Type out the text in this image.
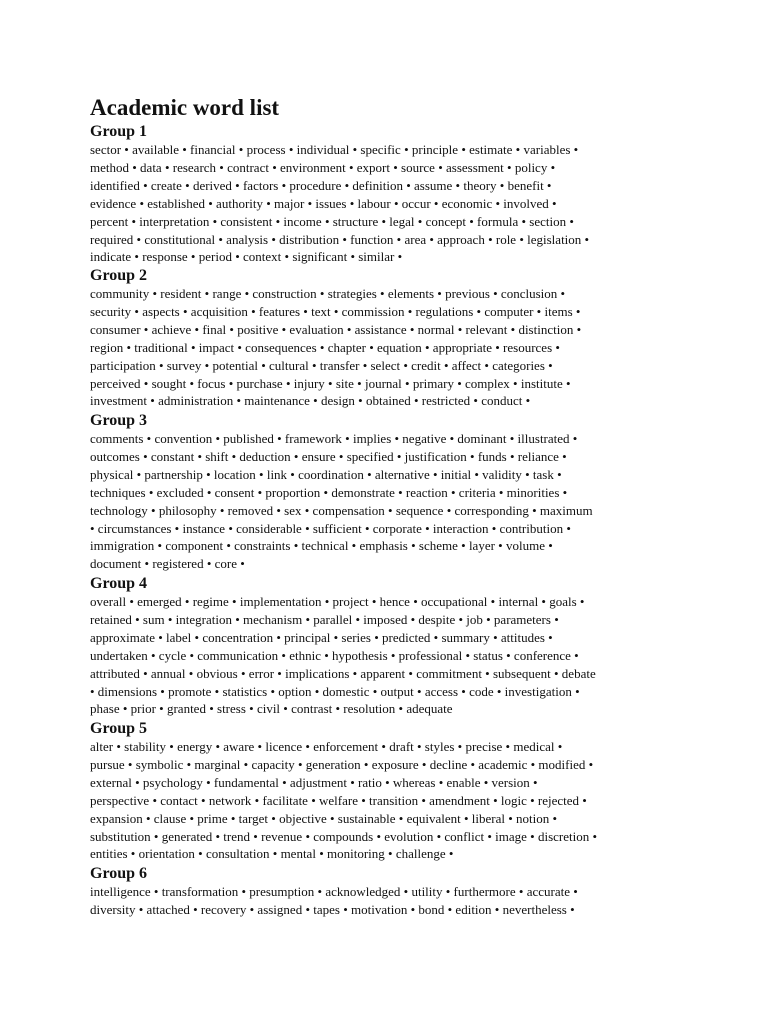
Academic word list
Group 1
sector • available • financial • process • individual • specific • principle • estimate • variables •
method • data • research • contract • environment • export • source • assessment • policy •
identified • create • derived • factors • procedure • definition • assume • theory • benefit •
evidence • established • authority • major • issues • labour • occur • economic • involved •
percent • interpretation • consistent • income • structure • legal • concept • formula • section •
required • constitutional • analysis • distribution • function • area • approach • role • legislation •
indicate • response • period • context • significant • similar •
Group 2
community • resident • range • construction • strategies • elements • previous • conclusion •
security • aspects • acquisition • features • text • commission • regulations • computer • items •
consumer • achieve • final • positive • evaluation • assistance • normal • relevant • distinction •
region • traditional • impact • consequences • chapter • equation • appropriate • resources •
participation • survey • potential • cultural • transfer • select • credit • affect • categories •
perceived • sought • focus • purchase • injury • site • journal • primary • complex • institute •
investment • administration • maintenance • design • obtained • restricted • conduct •
Group 3
comments • convention • published • framework • implies • negative • dominant • illustrated •
outcomes • constant • shift • deduction • ensure • specified • justification • funds • reliance •
physical • partnership • location • link • coordination • alternative • initial • validity • task •
techniques • excluded • consent • proportion • demonstrate • reaction • criteria • minorities •
technology • philosophy • removed • sex • compensation • sequence • corresponding • maximum
• circumstances • instance • considerable • sufficient • corporate • interaction • contribution •
immigration • component • constraints • technical • emphasis • scheme • layer • volume •
document • registered • core •
Group 4
overall • emerged • regime • implementation • project • hence • occupational • internal • goals •
retained • sum • integration • mechanism • parallel • imposed • despite • job • parameters •
approximate • label • concentration • principal • series • predicted • summary • attitudes •
undertaken • cycle • communication • ethnic • hypothesis • professional • status • conference •
attributed • annual • obvious • error • implications • apparent • commitment • subsequent • debate
• dimensions • promote • statistics • option • domestic • output • access • code • investigation •
phase • prior • granted • stress • civil • contrast • resolution • adequate
Group 5
alter • stability • energy • aware • licence • enforcement • draft • styles • precise • medical •
pursue • symbolic • marginal • capacity • generation • exposure • decline • academic • modified •
external • psychology • fundamental • adjustment • ratio • whereas • enable • version •
perspective • contact • network • facilitate • welfare • transition • amendment • logic • rejected •
expansion • clause • prime • target • objective • sustainable • equivalent • liberal • notion •
substitution • generated • trend • revenue • compounds • evolution • conflict • image • discretion •
entities • orientation • consultation • mental • monitoring • challenge •
Group 6
intelligence • transformation • presumption • acknowledged • utility • furthermore • accurate •
diversity • attached • recovery • assigned • tapes • motivation • bond • edition • nevertheless •
